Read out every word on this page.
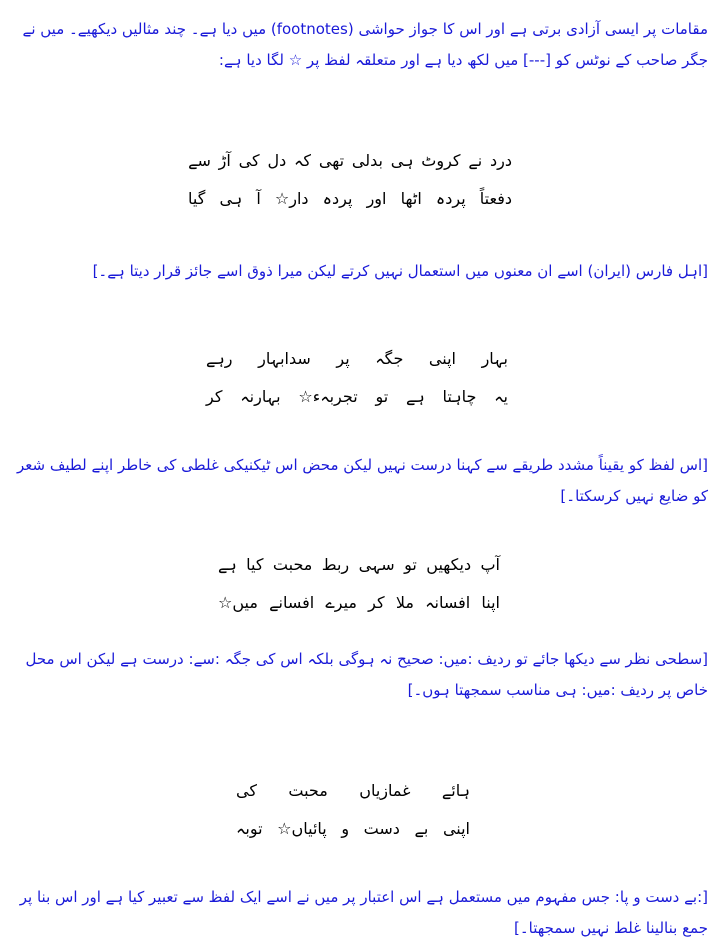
مقامات پر ایسی آزادی برتی ہے اور اس کا جواز حواشی (footnotes) میں دیا ہے۔ چند مثالیں دیکھیے۔ میں نے جگر صاحب کے نوٹس کو [---] میں لکھ دیا ہے اور متعلقہ لفظ پر ☆ لگا دیا ہے:
درد
نے
کروٹ
ہی
بدلی
تھی
کہ
دل
کی
آڑ
سے
دفعتاً
پردہ
اٹھا
اور
پردہ
دار☆
آ
ہی
گیا
[اہل فارس (ایران) اسے ان معنوں میں استعمال نہیں کرتے لیکن میرا ذوق اسے جائز قرار دیتا ہے۔]
بہار
اپنی
جگہ
پر
سدابہار
رہے
یہ
چاہتا
ہے
تو
تجربہء☆
بہارنہ
کر
[اس لفظ کو یقیناً مشدد طریقے سے کہنا درست نہیں لیکن محض اس ٹیکنیکی غلطی کی خاطر اپنے لطیف شعر کو ضایع نہیں کرسکتا۔]
آپ
دیکھیں
تو
سہی
ربط
محبت
کیا
ہے
اپنا
افسانہ
ملا
کر
میرے
افسانے
میں☆
[سطحی نظر سے دیکھا جائے تو ردیف :میں: صحیح نہ ہوگی بلکہ اس کی جگہ :سے: درست ہے لیکن اس محل خاص پر ردیف :میں: ہی مناسب سمجھتا ہوں۔]
ہائے
غمازیاں
محبت
کی
اپنی
بے
دست
و
پائیاں☆
توبہ
[:بے دست و پا: جس مفہوم میں مستعمل ہے اس اعتبار پر میں نے اسے ایک لفظ سے تعبیر کیا ہے اور اس بنا پر جمع بنالینا غلط نہیں سمجھتا۔]
